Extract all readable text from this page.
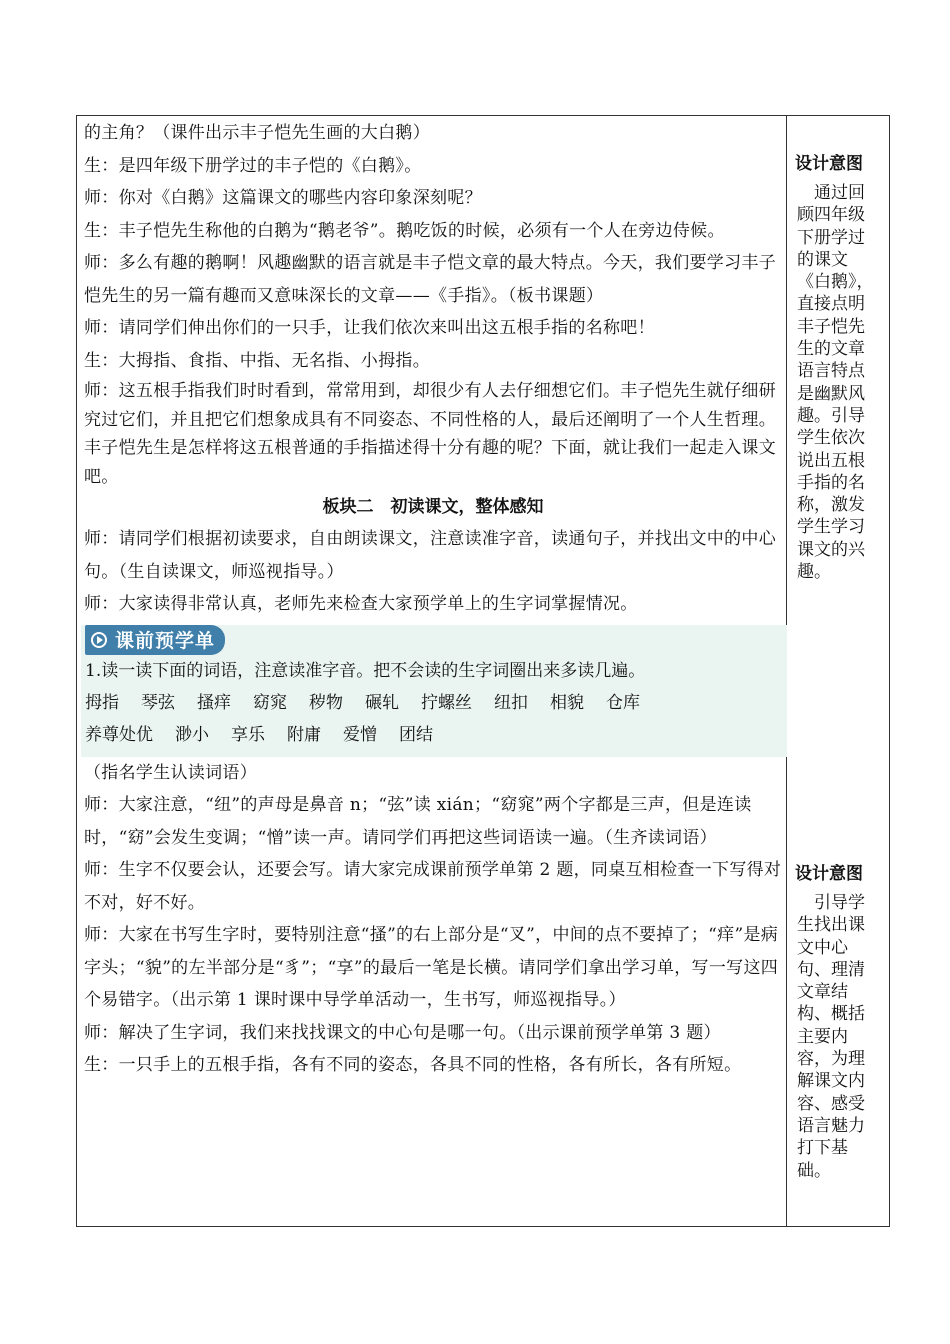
的主角？（课件出示丰子恺先生画的大白鹅）

生：是四年级下册学过的丰子恺的《白鹅》。

师：你对《白鹅》这篇课文的哪些内容印象深刻呢？

生：丰子恺先生称他的白鹅为“鹅老爷”。鹅吃饭的时候，必须有一个人在旁边侍候。

师：多么有趣的鹅啊！风趣幽默的语言就是丰子恺文章的最大特点。今天，我们要学习丰子恺先生的另一篇有趣而又意味深长的文章——《手指》。（板书课题）

师：请同学们伸出你们的一只手，让我们依次来叫出这五根手指的名称吧！

生：大拇指、食指、中指、无名指、小拇指。

师：这五根手指我们时时看到，常常用到，却很少有人去仔细想它们。丰子恺先生就仔细研究过它们，并且把它们想象成具有不同姿态、不同性格的人，最后还阐明了一个人生哲理。丰子恺先生是怎样将这五根普通的手指描述得十分有趣的呢？下面，就让我们一起走入课文吧。

板块二　初读课文，整体感知

师：请同学们根据初读要求，自由朗读课文，注意读准字音，读通句子，并找出文中的中心句。（生自读课文，师巡视指导。）

师：大家读得非常认真，老师先来检查大家预学单上的生字词掌握情况。

课前预学单

1.读一读下面的词语，注意读准字音。把不会读的生字词圈出来多读几遍。

拇指 琴弦 搔痒 窈窕 秽物 碾轧 拧螺丝 纽扣 相貌 仓库
养尊处优 渺小 享乐 附庸 爱憎 团结

（指名学生认读词语）

师：大家注意，“纽”的声母是鼻音 n；“弦”读 xián；“窈窕”两个字都是三声，但是连读时，“窈”会发生变调；“憎”读一声。请同学们再把这些词语读一遍。（生齐读词语）

师：生字不仅要会认，还要会写。请大家完成课前预学单第 2 题，同桌互相检查一下写得对不对，好不好。

师：大家在书写生字时，要特别注意“搔”的右上部分是“叉”，中间的点不要掉了；“痒”是病字头；“貌”的左半部分是“豸”；“享”的最后一笔是长横。请同学们拿出学习单，写一写这四个易错字。（出示第 1 课时课中导学单活动一，生书写，师巡视指导。）

师：解决了生字词，我们来找找课文的中心句是哪一句。（出示课前预学单第 3 题）

生：一只手上的五根手指，各有不同的姿态，各具不同的性格，各有所长，各有所短。

设计意图

　通过回顾四年级下册学过的课文《白鹅》，直接点明丰子恺先生的文章语言特点是幽默风趣。引导学生依次说出五根手指的名称，激发学生学习课文的兴趣。

设计意图

　引导学生找出课文中心句、理清文章结构、概括主要内容，为理解课文内容、感受语言魅力打下基础。
